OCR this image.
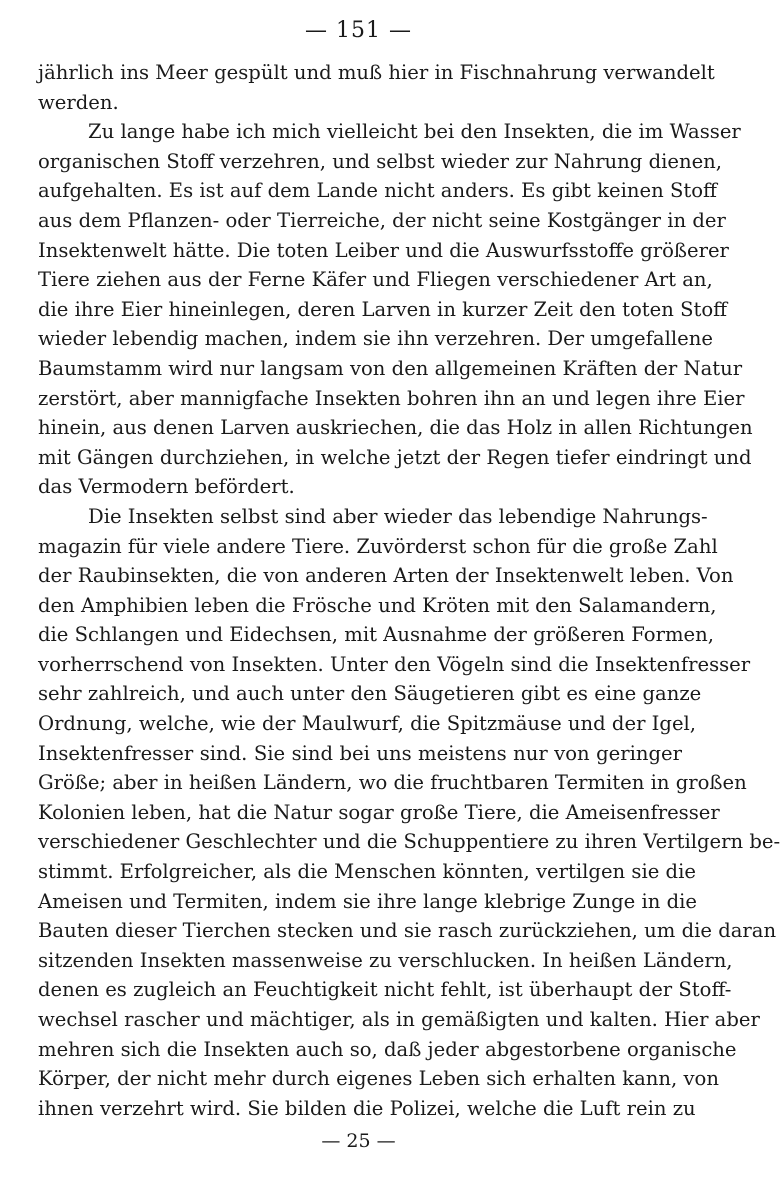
— 151 —
jährlich ins Meer gespült und muß hier in Fischnahrung verwandelt
werden.
Zu lange habe ich mich vielleicht bei den Insekten, die im Wasser
organischen Stoff verzehren, und selbst wieder zur Nahrung dienen,
aufgehalten. Es ist auf dem Lande nicht anders. Es gibt keinen Stoff
aus dem Pflanzen- oder Tierreiche, der nicht seine Kostgänger in der
Insektenwelt hätte. Die toten Leiber und die Auswurfsstoffe größerer
Tiere ziehen aus der Ferne Käfer und Fliegen verschiedener Art an,
die ihre Eier hineinlegen, deren Larven in kurzer Zeit den toten Stoff
wieder lebendig machen, indem sie ihn verzehren. Der umgefallene
Baumstamm wird nur langsam von den allgemeinen Kräften der Natur
zerstört, aber mannigfache Insekten bohren ihn an und legen ihre Eier
hinein, aus denen Larven auskriechen, die das Holz in allen Richtungen
mit Gängen durchziehen, in welche jetzt der Regen tiefer eindringt und
das Vermodern befördert.
Die Insekten selbst sind aber wieder das lebendige Nahrungs-
magazin für viele andere Tiere. Zuvörderst schon für die große Zahl
der Raubinsekten, die von anderen Arten der Insektenwelt leben. Von
den Amphibien leben die Frösche und Kröten mit den Salamandern,
die Schlangen und Eidechsen, mit Ausnahme der größeren Formen,
vorherrschend von Insekten. Unter den Vögeln sind die Insektenfresser
sehr zahlreich, und auch unter den Säugetieren gibt es eine ganze
Ordnung, welche, wie der Maulwurf, die Spitzmäuse und der Igel,
Insektenfresser sind. Sie sind bei uns meistens nur von geringer
Größe; aber in heißen Ländern, wo die fruchtbaren Termiten in großen
Kolonien leben, hat die Natur sogar große Tiere, die Ameisenfresser
verschiedener Geschlechter und die Schuppentiere zu ihren Vertilgern be-
stimmt. Erfolgreicher, als die Menschen könnten, vertilgen sie die
Ameisen und Termiten, indem sie ihre lange klebrige Zunge in die
Bauten dieser Tierchen stecken und sie rasch zurückziehen, um die daran
sitzenden Insekten massenweise zu verschlucken. In heißen Ländern,
denen es zugleich an Feuchtigkeit nicht fehlt, ist überhaupt der Stoff-
wechsel rascher und mächtiger, als in gemäßigten und kalten. Hier aber
mehren sich die Insekten auch so, daß jeder abgestorbene organische
Körper, der nicht mehr durch eigenes Leben sich erhalten kann, von
ihnen verzehrt wird. Sie bilden die Polizei, welche die Luft rein zu
— 25 —
